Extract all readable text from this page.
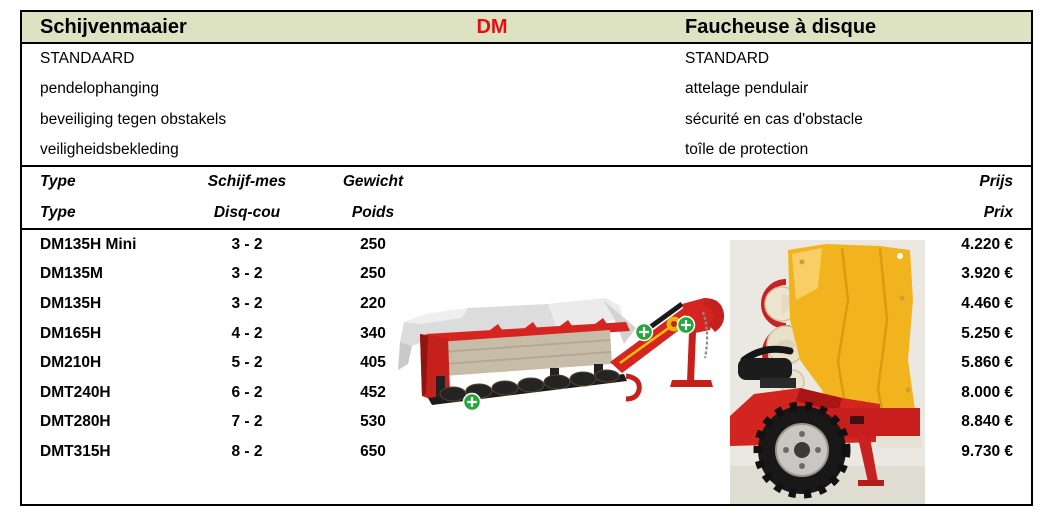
Schijvenmaaier	DM	Faucheuse à disque
STANDAARD	STANDARD
pendelophanging	attelage pendulair
beveiliging tegen obstakels	sécurité en cas d'obstacle
veiligheidsbekleding	toîle de protection
Type	Schijf-mes	Gewicht	Prijs
Type	Disq-cou	Poids	Prix
DM135H Mini	3 - 2	250	4.220 €
DM135M	3 - 2	250	3.920 €
DM135H	3 - 2	220	4.460 €
DM165H	4 - 2	340	5.250 €
DM210H	5 - 2	405	5.860 €
DMT240H	6 - 2	452	8.000 €
DMT280H	7 - 2	530	8.840 €
DMT315H	8 - 2	650	9.730 €
